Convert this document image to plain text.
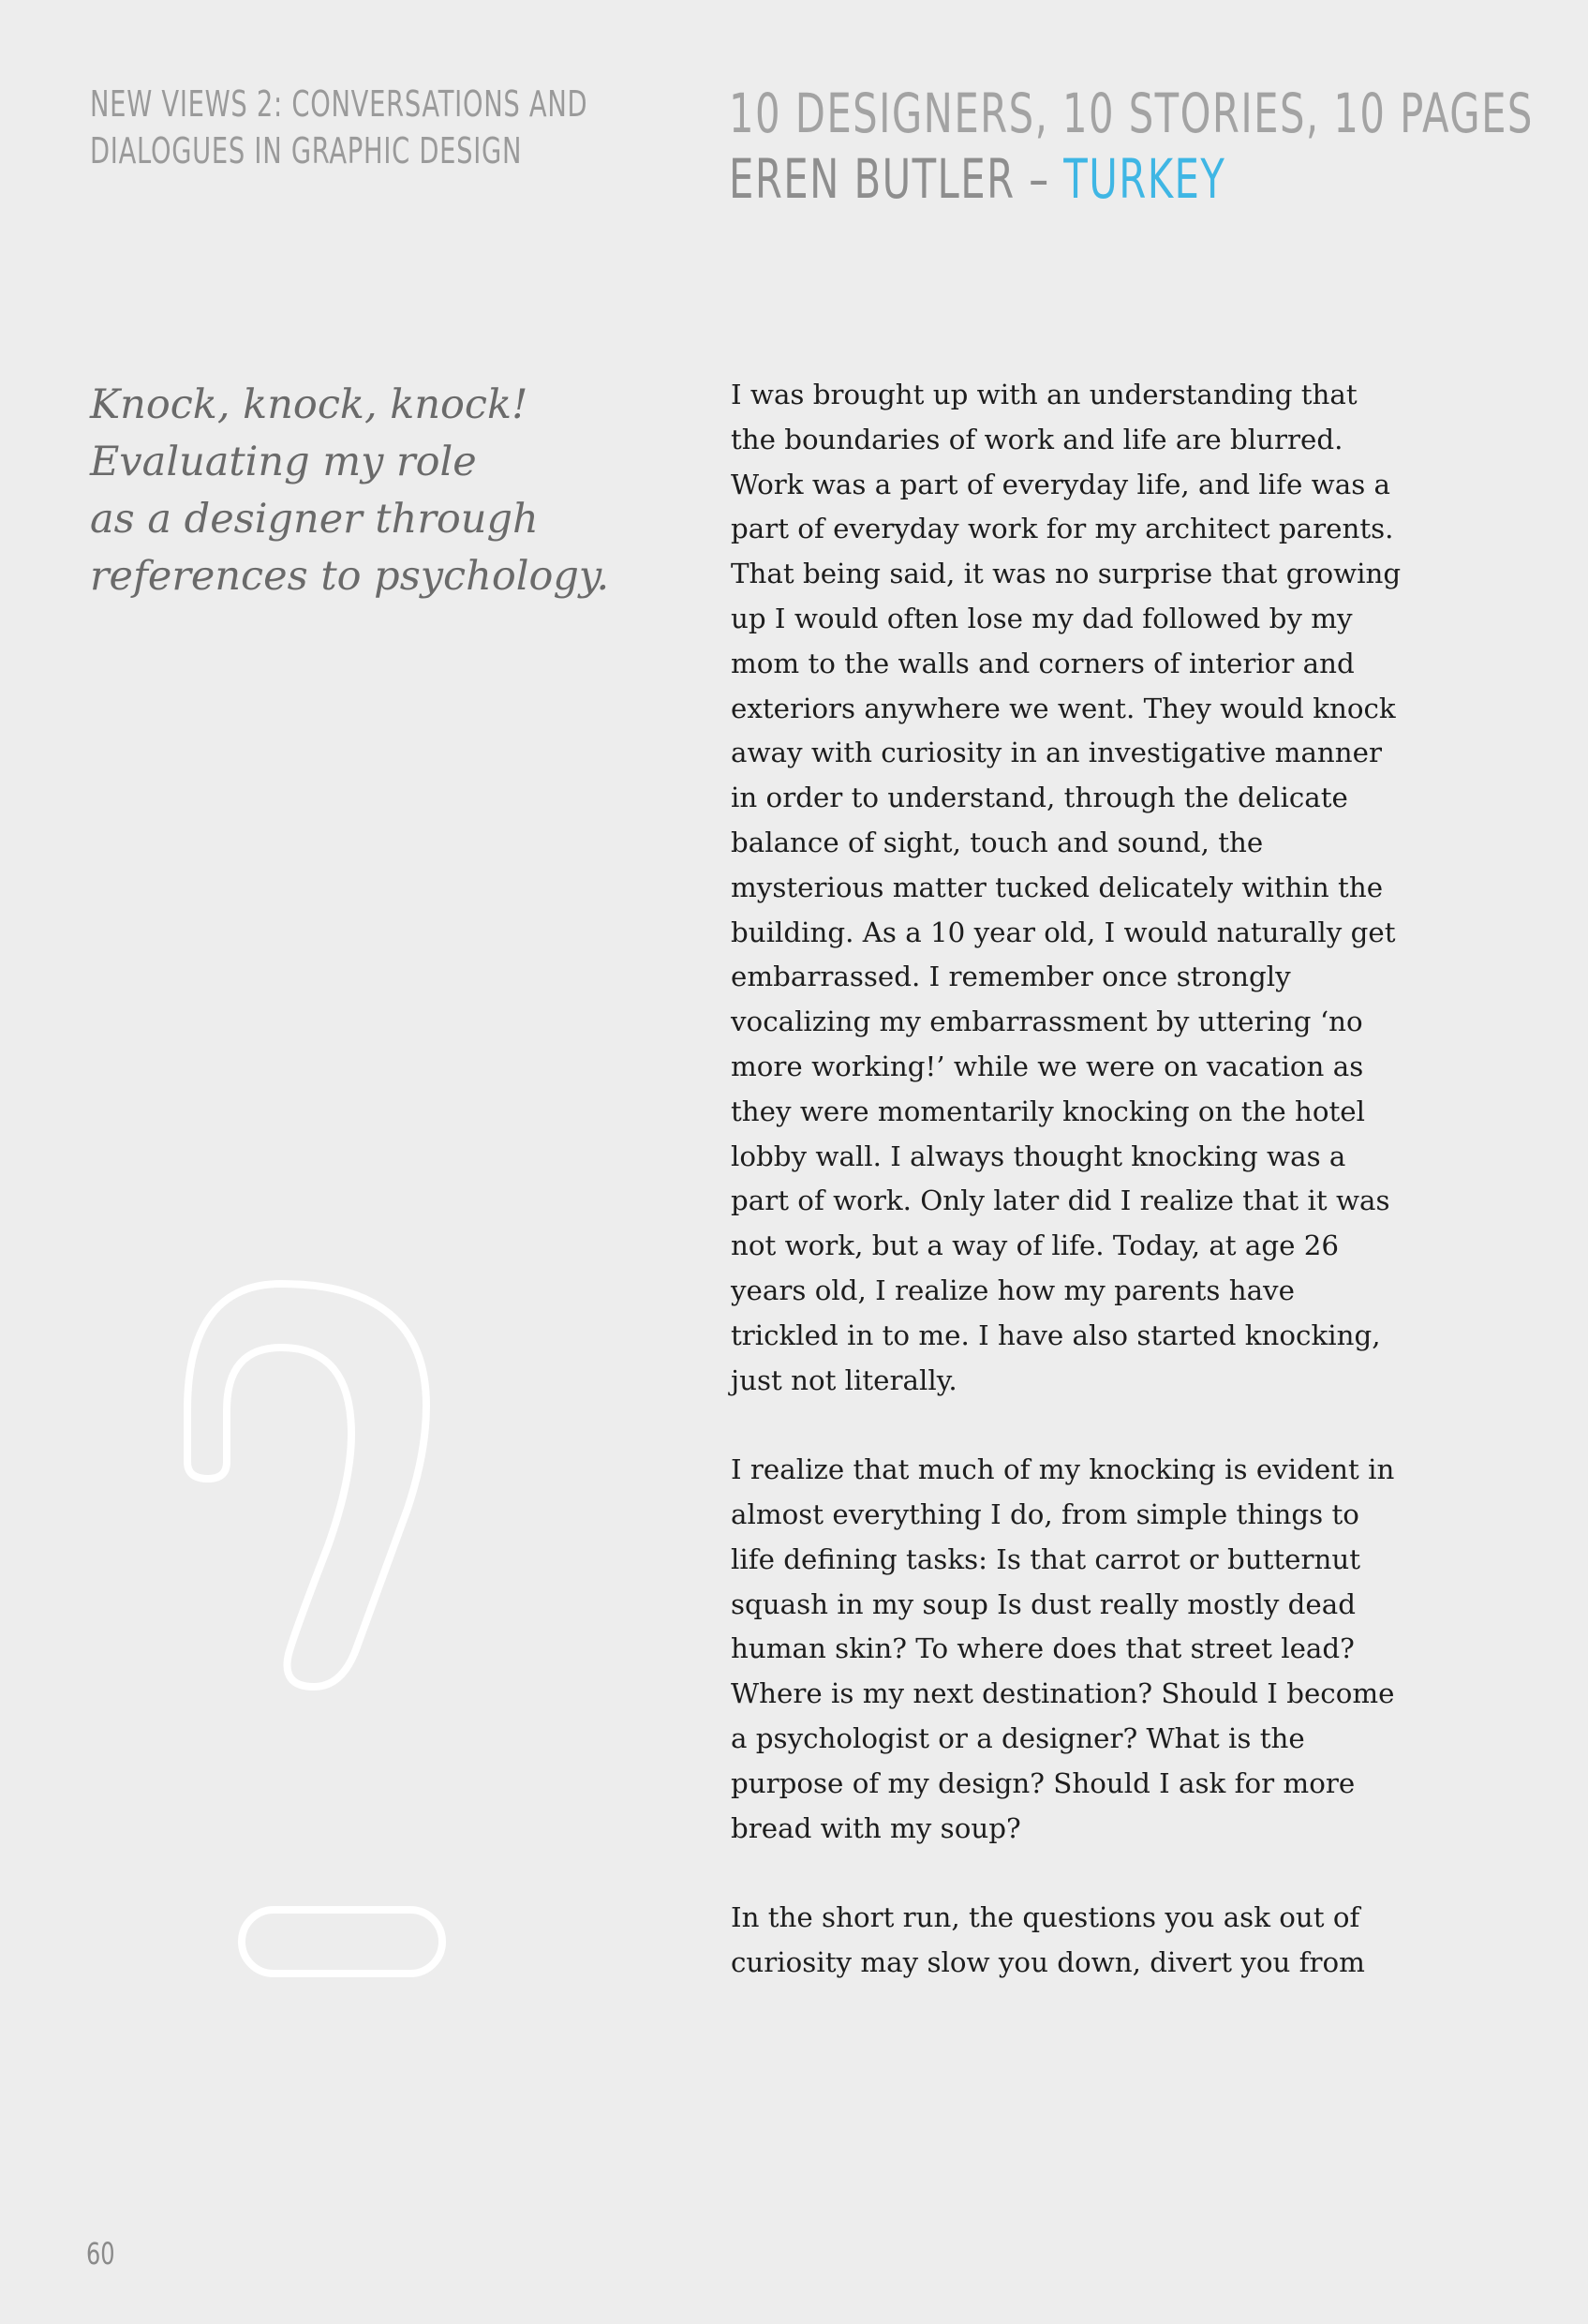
NEW VIEWS 2: CONVERSATIONS AND
DIALOGUES IN GRAPHIC DESIGN
10 DESIGNERS, 10 STORIES, 10 PAGES
EREN BUTLER – TURKEY
Knock, knock, knock!
Evaluating my role
as a designer through
references to psychology.

I was brought up with an understanding that
the boundaries of work and life are blurred.
Work was a part of everyday life, and life was a
part of everyday work for my architect parents.
That being said, it was no surprise that growing
up I would often lose my dad followed by my
mom to the walls and corners of interior and
exteriors anywhere we went. They would knock
away with curiosity in an investigative manner
in order to understand, through the delicate
balance of sight, touch and sound, the
mysterious matter tucked delicately within the
building. As a 10 year old, I would naturally get
embarrassed. I remember once strongly
vocalizing my embarrassment by uttering ‘no
more working!’ while we were on vacation as
they were momentarily knocking on the hotel
lobby wall. I always thought knocking was a
part of work. Only later did I realize that it was
not work, but a way of life. Today, at age 26
years old, I realize how my parents have
trickled in to me. I have also started knocking,
just not literally.

I realize that much of my knocking is evident in
almost everything I do, from simple things to
life defining tasks: Is that carrot or butternut
squash in my soup Is dust really mostly dead
human skin? To where does that street lead?
Where is my next destination? Should I become
a psychologist or a designer? What is the
purpose of my design? Should I ask for more
bread with my soup?

In the short run, the questions you ask out of
curiosity may slow you down, divert you from

60
